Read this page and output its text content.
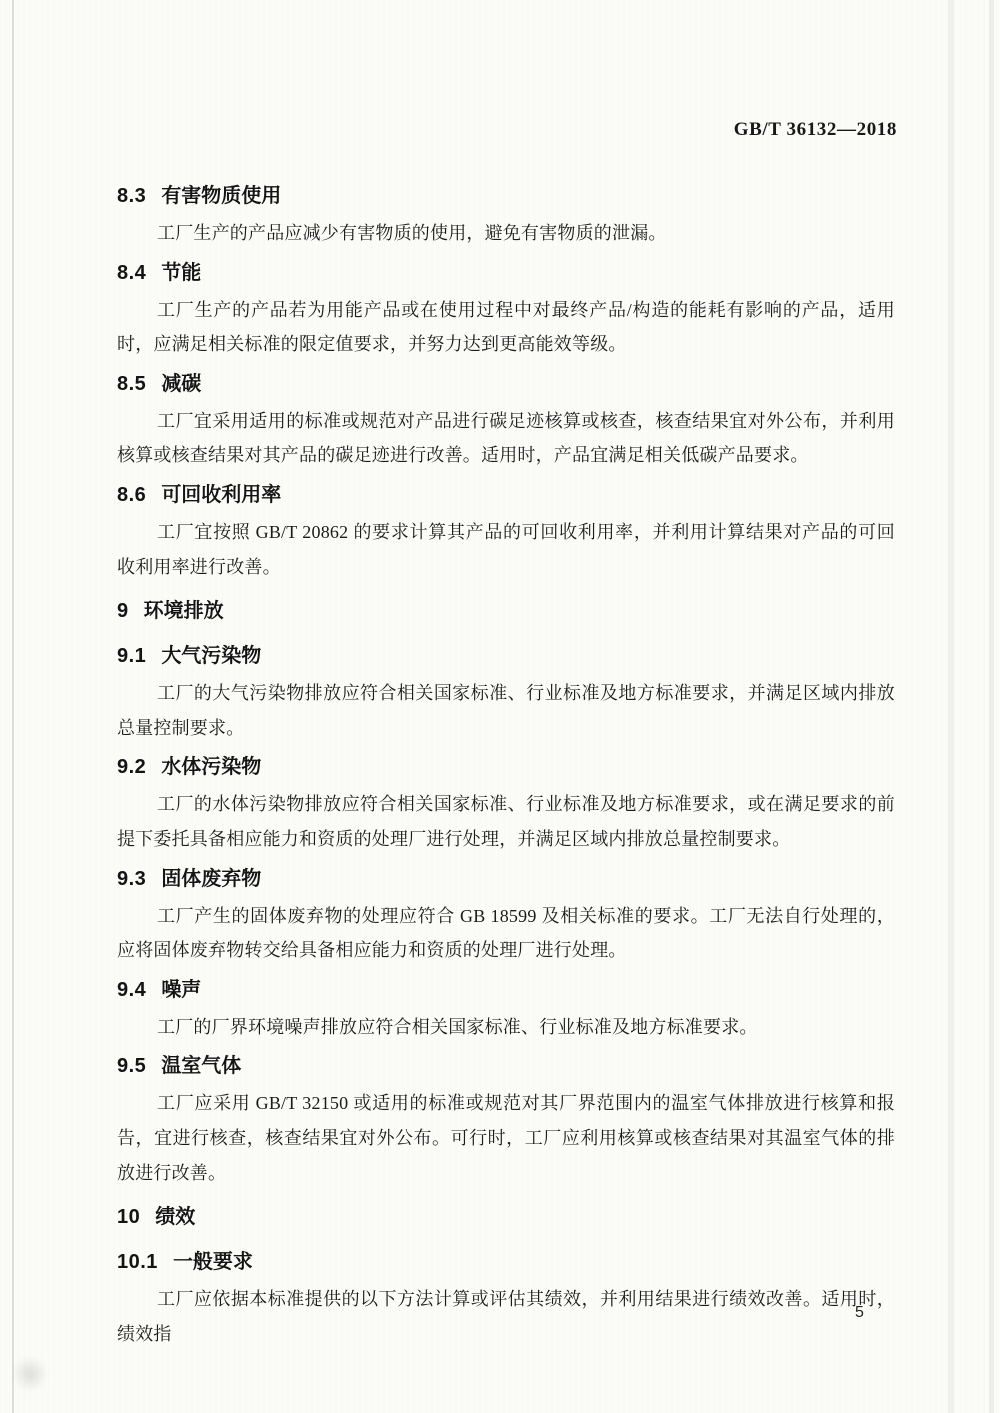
GB/T 36132—2018
8.3 有害物质使用

工厂生产的产品应减少有害物质的使用，避免有害物质的泄漏。

8.4 节能

工厂生产的产品若为用能产品或在使用过程中对最终产品/构造的能耗有影响的产品，适用时，应满足相关标准的限定值要求，并努力达到更高能效等级。

8.5 减碳

工厂宜采用适用的标准或规范对产品进行碳足迹核算或核查，核查结果宜对外公布，并利用核算或核查结果对其产品的碳足迹进行改善。适用时，产品宜满足相关低碳产品要求。

8.6 可回收利用率

工厂宜按照 GB/T 20862 的要求计算其产品的可回收利用率，并利用计算结果对产品的可回收利用率进行改善。

9 环境排放
9.1 大气污染物

工厂的大气污染物排放应符合相关国家标准、行业标准及地方标准要求，并满足区域内排放总量控制要求。

9.2 水体污染物

工厂的水体污染物排放应符合相关国家标准、行业标准及地方标准要求，或在满足要求的前提下委托具备相应能力和资质的处理厂进行处理，并满足区域内排放总量控制要求。

9.3 固体废弃物

工厂产生的固体废弃物的处理应符合 GB 18599 及相关标准的要求。工厂无法自行处理的，应将固体废弃物转交给具备相应能力和资质的处理厂进行处理。

9.4 噪声

工厂的厂界环境噪声排放应符合相关国家标准、行业标准及地方标准要求。

9.5 温室气体

工厂应采用 GB/T 32150 或适用的标准或规范对其厂界范围内的温室气体排放进行核算和报告，宜进行核查，核查结果宜对外公布。可行时，工厂应利用核算或核查结果对其温室气体的排放进行改善。

10 绩效
10.1 一般要求

工厂应依据本标准提供的以下方法计算或评估其绩效，并利用结果进行绩效改善。适用时，绩效指

5
